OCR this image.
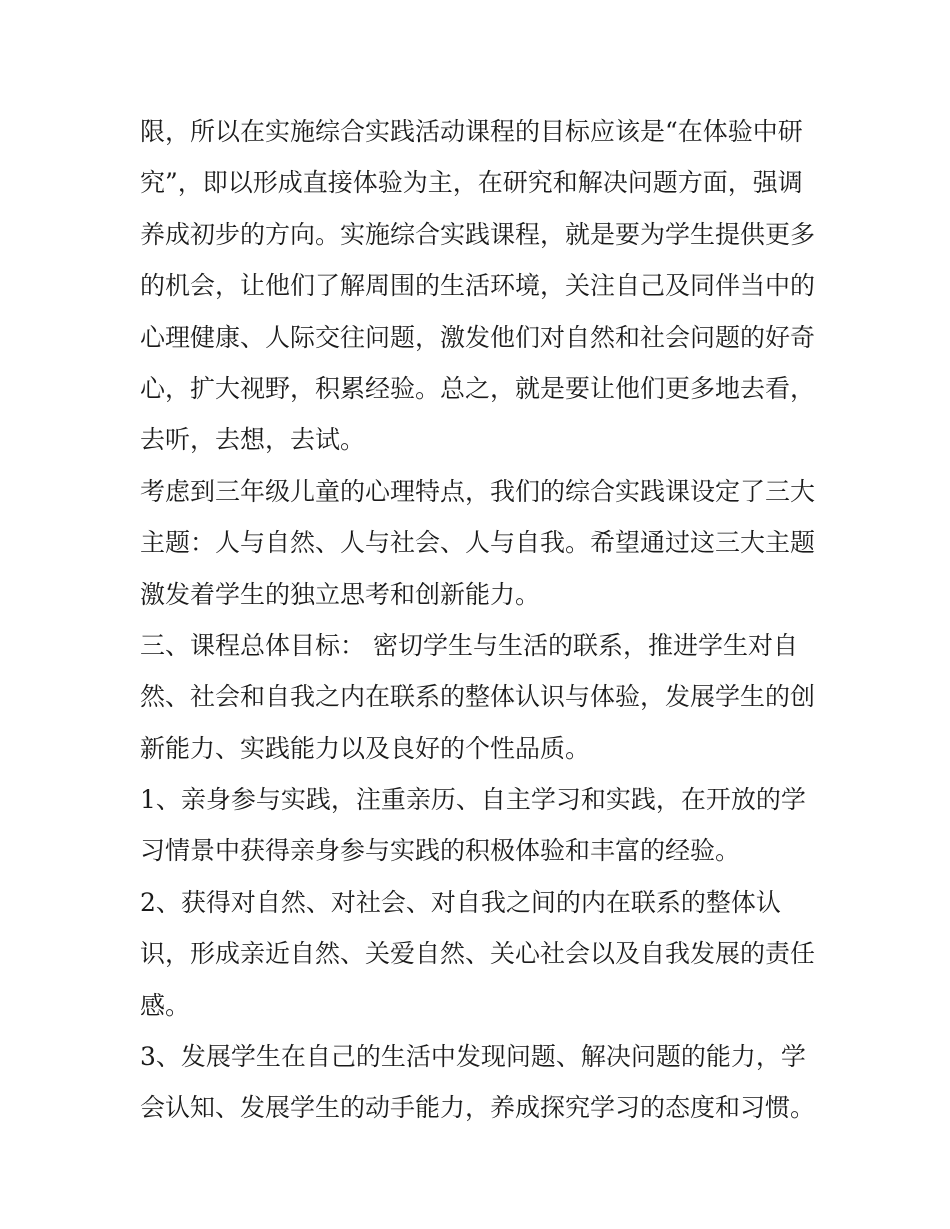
限，所以在实施综合实践活动课程的目标应该是“在体验中研
究”，即以形成直接体验为主，在研究和解决问题方面，强调
养成初步的方向。实施综合实践课程，就是要为学生提供更多
的机会，让他们了解周围的生活环境，关注自己及同伴当中的
心理健康、人际交往问题，激发他们对自然和社会问题的好奇
心，扩大视野，积累经验。总之，就是要让他们更多地去看，
去听，去想，去试。
考虑到三年级儿童的心理特点，我们的综合实践课设定了三大
主题：人与自然、人与社会、人与自我。希望通过这三大主题
激发着学生的独立思考和创新能力。
三、课程总体目标： 密切学生与生活的联系，推进学生对自
然、社会和自我之内在联系的整体认识与体验，发展学生的创
新能力、实践能力以及良好的个性品质。
1、亲身参与实践，注重亲历、自主学习和实践，在开放的学
习情景中获得亲身参与实践的积极体验和丰富的经验。
2、获得对自然、对社会、对自我之间的内在联系的整体认
识，形成亲近自然、关爱自然、关心社会以及自我发展的责任
感。
3、发展学生在自己的生活中发现问题、解决问题的能力，学
会认知、发展学生的动手能力，养成探究学习的态度和习惯。
